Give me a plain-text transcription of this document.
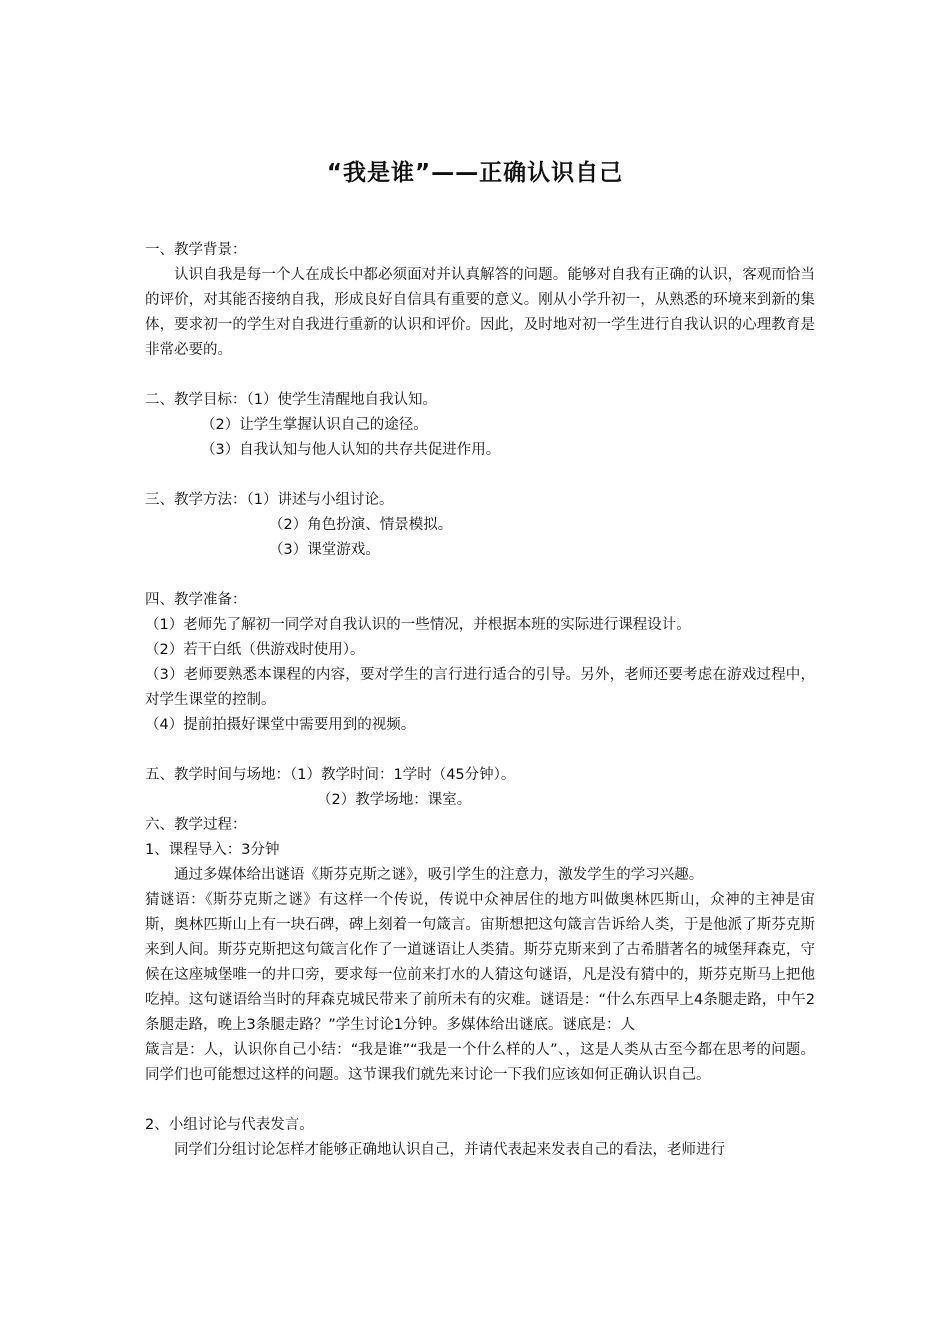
“我是谁”——正确认识自己

一、教学背景：

认识自我是每一个人在成长中都必须面对并认真解答的问题。能够对自我有正确的认识，客观而恰当的评价，对其能否接纳自我，形成良好自信具有重要的意义。刚从小学升初一，从熟悉的环境来到新的集体，要求初一的学生对自我进行重新的认识和评价。因此，及时地对初一学生进行自我认识的心理教育是非常必要的。

二、教学目标：（1）使学生清醒地自我认知。

（2）让学生掌握认识自己的途径。

（3）自我认知与他人认知的共存共促进作用。

三、教学方法：（1）讲述与小组讨论。

（2）角色扮演、情景模拟。

（3）课堂游戏。

四、教学准备：

（1）老师先了解初一同学对自我认识的一些情况，并根据本班的实际进行课程设计。

（2）若干白纸（供游戏时使用）。

（3）老师要熟悉本课程的内容，要对学生的言行进行适合的引导。另外，老师还要考虑在游戏过程中，对学生课堂的控制。

（4）提前拍摄好课堂中需要用到的视频。

五、教学时间与场地：（1）教学时间：1学时（45分钟）。

（2）教学场地：课室。

六、教学过程：

1、课程导入：3分钟

通过多媒体给出谜语《斯芬克斯之谜》，吸引学生的注意力，激发学生的学习兴趣。

猜谜语：《斯芬克斯之谜》有这样一个传说，传说中众神居住的地方叫做奥林匹斯山，众神的主神是宙斯，奥林匹斯山上有一块石碑，碑上刻着一句箴言。宙斯想把这句箴言告诉给人类，于是他派了斯芬克斯来到人间。斯芬克斯把这句箴言化作了一道谜语让人类猜。斯芬克斯来到了古希腊著名的城堡拜森克，守候在这座城堡唯一的井口旁，要求每一位前来打水的人猜这句谜语，凡是没有猜中的，斯芬克斯马上把他吃掉。这句谜语给当时的拜森克城民带来了前所未有的灾难。谜语是：“什么东西早上4条腿走路，中午2条腿走路，晚上3条腿走路？”学生讨论1分钟。多媒体给出谜底。谜底是：人

箴言是：人，认识你自己小结：“我是谁”“我是一个什么样的人”、，这是人类从古至今都在思考的问题。同学们也可能想过这样的问题。这节课我们就先来讨论一下我们应该如何正确认识自己。

2、小组讨论与代表发言。

同学们分组讨论怎样才能够正确地认识自己，并请代表起来发表自己的看法，老师进行
